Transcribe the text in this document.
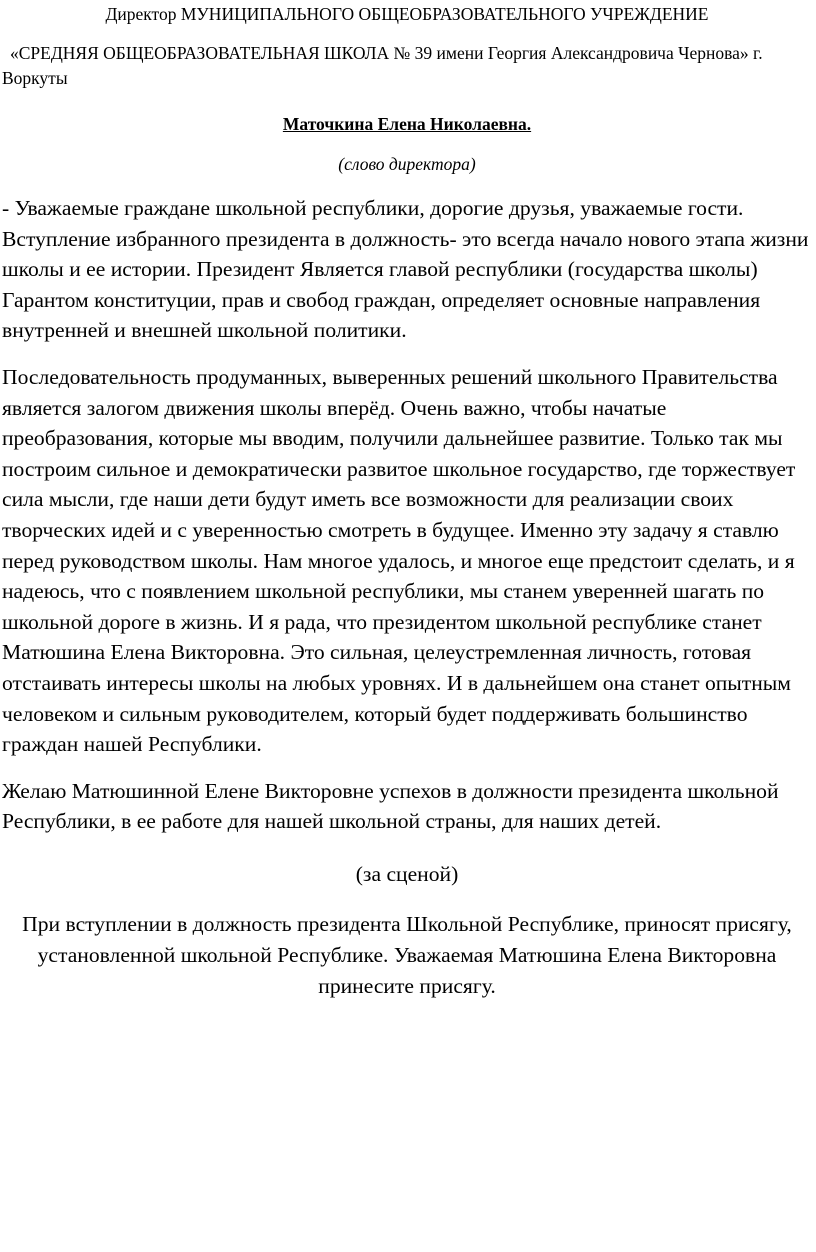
Директор МУНИЦИПАЛЬНОГО ОБЩЕОБРАЗОВАТЕЛЬНОГО УЧРЕЖДЕНИЕ

«СРЕДНЯЯ ОБЩЕОБРАЗОВАТЕЛЬНАЯ ШКОЛА № 39 имени Георгия Александровича Чернова» г. Воркуты

Маточкина Елена Николаевна.

(слово директора)

- Уважаемые граждане школьной республики, дорогие друзья, уважаемые гости. Вступление избранного президента в должность- это всегда начало нового этапа жизни школы и ее истории. Президент Является главой республики (государства школы) Гарантом конституции, прав и свобод граждан, определяет основные направления внутренней и внешней школьной политики.

Последовательность продуманных, выверенных решений школьного Правительства является залогом движения школы вперёд. Очень важно, чтобы начатые преобразования, которые мы вводим, получили дальнейшее развитие. Только так мы построим сильное и демократически развитое школьное государство, где торжествует сила мысли, где наши дети будут иметь все возможности для реализации своих творческих идей и с уверенностью смотреть в будущее. Именно эту задачу я ставлю перед руководством школы. Нам многое удалось, и многое еще предстоит сделать, и я надеюсь, что с появлением школьной республики, мы станем уверенней шагать по школьной дороге в жизнь. И я рада, что президентом школьной республике станет Матюшина Елена Викторовна. Это сильная, целеустремленная личность, готовая отстаивать интересы школы на любых уровнях. И в дальнейшем она станет опытным человеком и сильным руководителем, который будет поддерживать большинство граждан нашей Республики.

Желаю Матюшинной Елене Викторовне успехов в должности президента школьной Республики, в ее работе для нашей школьной страны, для наших детей.

(за сценой)

При вступлении в должность президента Школьной Республике, приносят присягу, установленной школьной Республике. Уважаемая Матюшина Елена Викторовна принесите присягу.
